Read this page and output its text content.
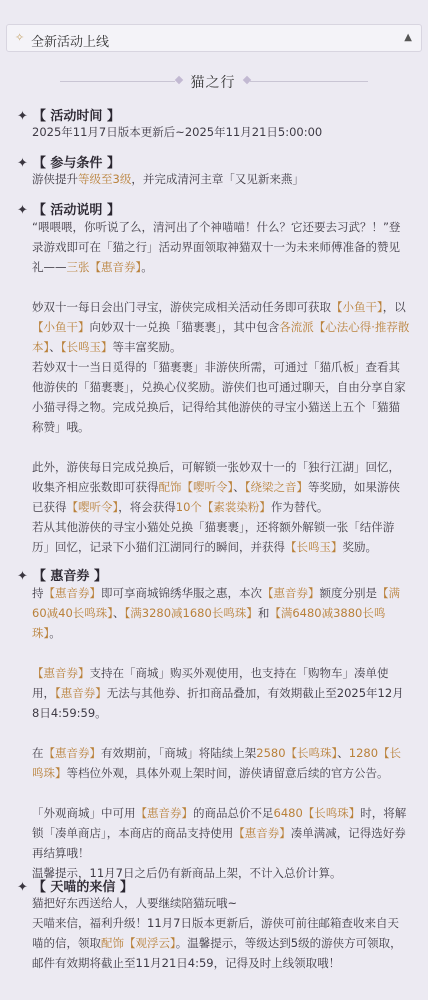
✧ 全新活动上线	▲
猫之行
✦ 【 活动时间 】

2025年11月7日版本更新后~2025年11月21日5:00:00

✦ 【 参与条件 】

游侠提升等级至3级，并完成清河主章「又见新来燕」

✦ 【 活动说明 】

“喂喂喂，你听说了么，清河出了个神喵喵！什么？它还要去习武？！”登录游戏即可在「猫之行」活动界面领取神猫双十一为未来师傅准备的赞见礼——三张【惠音券】。

妙双十一每日会出门寻宝，游侠完成相关活动任务即可获取【小鱼干】，以【小鱼干】向妙双十一兑换「猫裹裹」，其中包含各流派【心法心得·推荐散本】、【长鸣玉】等丰富奖励。

若妙双十一当日觅得的「猫裹裹」非游侠所需，可通过「猫爪板」查看其他游侠的「猫裹裹」，兑换心仪奖励。游侠们也可通过聊天，自由分享自家小猫寻得之物。完成兑换后，记得给其他游侠的寻宝小猫送上五个「猫猫称赞」哦。

此外，游侠每日完成兑换后，可解锁一张妙双十一的「独行江湖」回忆，收集齐相应张数即可获得配饰【嘤听令】、【绕梁之音】等奖励，如果游侠已获得【嘤听令】，将会获得10个【素裳染粉】作为替代。

若从其他游侠的寻宝小猫处兑换「猫裹裹」，还将额外解锁一张「结伴游历」回忆，记录下小猫们江湖同行的瞬间，并获得【长鸣玉】奖励。

✦ 【 惠音券 】

持【惠音券】即可享商城锦绣华服之惠，本次【惠音券】额度分别是【满60减40长鸣珠】、【满3280减1680长鸣珠】和【满6480减3880长鸣珠】。

【惠音券】支持在「商城」购买外观使用，也支持在「购物车」凑单使用，【惠音券】无法与其他券、折扣商品叠加，有效期截止至2025年12月8日4:59:59。

在【惠音券】有效期前，「商城」将陆续上架2580【长鸣珠】、1280【长鸣珠】等档位外观，具体外观上架时间，游侠请留意后续的官方公告。

「外观商城」中可用【惠音券】的商品总价不足6480【长鸣珠】时，将解锁「凑单商店」，本商店的商品支持使用【惠音券】凑单满减，记得选好券再结算哦！

温馨提示，11月7日之后仍有新商品上架，不计入总价计算。

✦ 【 天喵的来信 】

猫把好东西送给人，人要继续陪猫玩哦~

天喵来信，福利升级！11月7日版本更新后，游侠可前往邮箱查收来自天喵的信，领取配饰【观浮云】。温馨提示，等级达到5级的游侠方可领取，邮件有效期将截止至11月21日4:59，记得及时上线领取哦！
